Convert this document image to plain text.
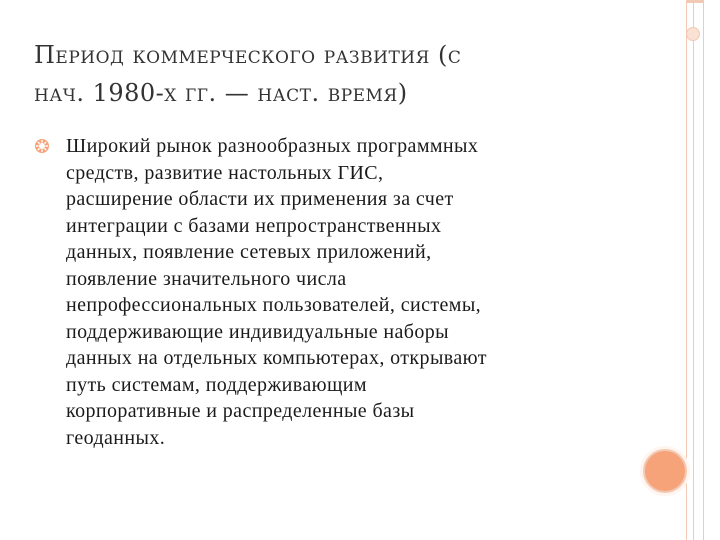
Период коммерческого развития (с
нач. 1980-х гг. — наст. время)
Широкий рынок разнообразных программных
средств, развитие настольных ГИС,
расширение области их применения за счет
интеграции с базами непространственных
данных, появление сетевых приложений,
появление значительного числа
непрофессиональных пользователей, системы,
поддерживающие индивидуальные наборы
данных на отдельных компьютерах, открывают
путь системам, поддерживающим
корпоративные и распределенные базы
геоданных.
